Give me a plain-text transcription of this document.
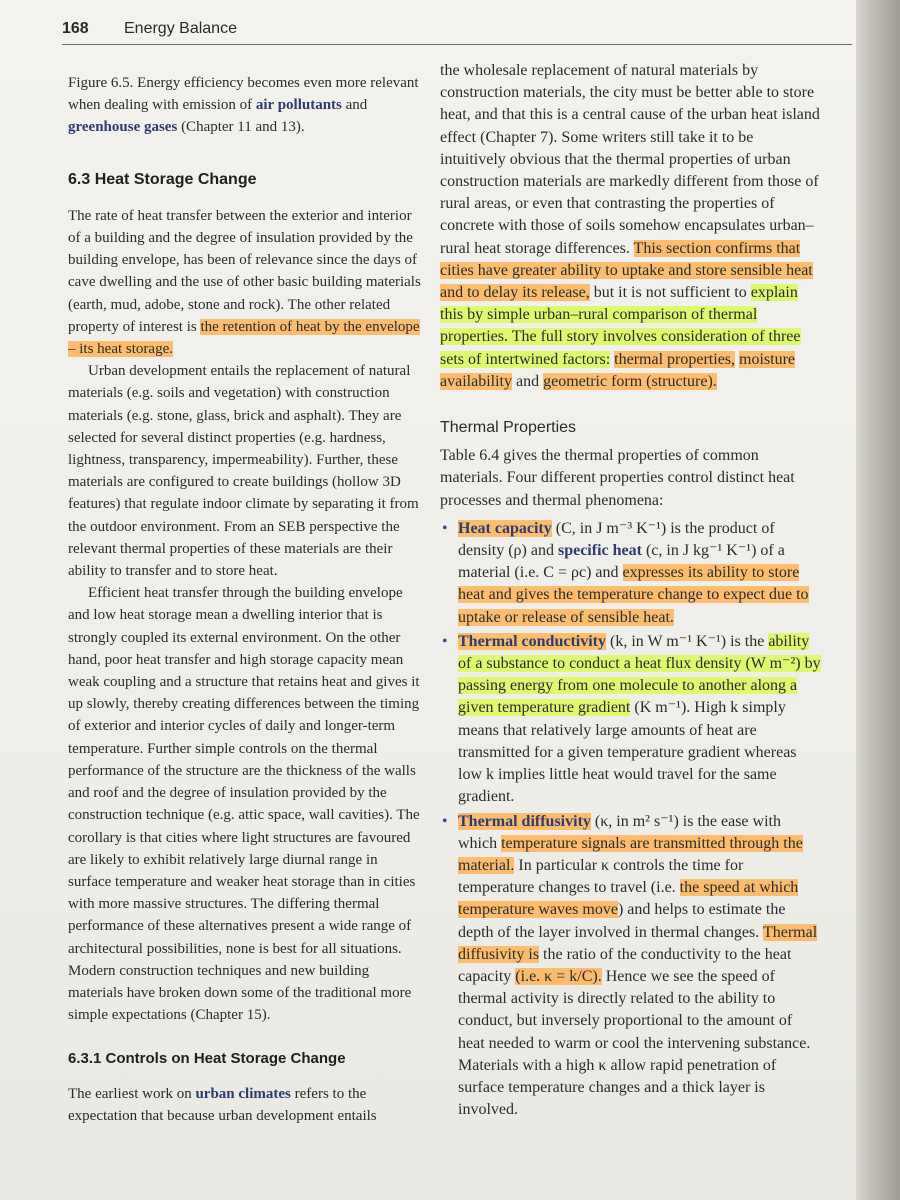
168 Energy Balance

Figure 6.5. Energy efficiency becomes even more relevant when dealing with emission of air pollutants and greenhouse gases (Chapter 11 and 13).

6.3 Heat Storage Change

The rate of heat transfer between the exterior and interior of a building and the degree of insulation provided by the building envelope, has been of relevance since the days of cave dwelling and the use of other basic building materials (earth, mud, adobe, stone and rock). The other related property of interest is the retention of heat by the envelope – its heat storage.

Urban development entails the replacement of natural materials (e.g. soils and vegetation) with construction materials (e.g. stone, glass, brick and asphalt). They are selected for several distinct properties (e.g. hardness, lightness, transparency, impermeability). Further, these materials are configured to create buildings (hollow 3D features) that regulate indoor climate by separating it from the outdoor environment. From an SEB perspective the relevant thermal properties of these materials are their ability to transfer and to store heat.

Efficient heat transfer through the building envelope and low heat storage mean a dwelling interior that is strongly coupled its external environment. On the other hand, poor heat transfer and high storage capacity mean weak coupling and a structure that retains heat and gives it up slowly, thereby creating differences between the timing of exterior and interior cycles of daily and longer-term temperature. Further simple controls on the thermal performance of the structure are the thickness of the walls and roof and the degree of insulation provided by the construction technique (e.g. attic space, wall cavities). The corollary is that cities where light structures are favoured are likely to exhibit relatively large diurnal range in surface temperature and weaker heat storage than in cities with more massive structures. The differing thermal performance of these alternatives present a wide range of architectural possibilities, none is best for all situations. Modern construction techniques and new building materials have broken down some of the traditional more simple expectations (Chapter 15).

6.3.1 Controls on Heat Storage Change

The earliest work on urban climates refers to the expectation that because urban development entails

the wholesale replacement of natural materials by construction materials, the city must be better able to store heat, and that this is a central cause of the urban heat island effect (Chapter 7). Some writers still take it to be intuitively obvious that the thermal properties of urban construction materials are markedly different from those of rural areas, or even that contrasting the properties of concrete with those of soils somehow encapsulates urban–rural heat storage differences. This section confirms that cities have greater ability to uptake and store sensible heat and to delay its release, but it is not sufficient to explain this by simple urban–rural comparison of thermal properties. The full story involves consideration of three sets of intertwined factors: thermal properties, moisture availability and geometric form (structure).

Thermal Properties

Table 6.4 gives the thermal properties of common materials. Four different properties control distinct heat processes and thermal phenomena:

• Heat capacity (C, in J m⁻³ K⁻¹) is the product of density (ρ) and specific heat (c, in J kg⁻¹ K⁻¹) of a material (i.e. C = ρc) and expresses its ability to store heat and gives the temperature change to expect due to uptake or release of sensible heat.
• Thermal conductivity (k, in W m⁻¹ K⁻¹) is the ability of a substance to conduct a heat flux density (W m⁻²) by passing energy from one molecule to another along a given temperature gradient (K m⁻¹). High k simply means that relatively large amounts of heat are transmitted for a given temperature gradient whereas low k implies little heat would travel for the same gradient.
• Thermal diffusivity (κ, in m² s⁻¹) is the ease with which temperature signals are transmitted through the material. In particular κ controls the time for temperature changes to travel (i.e. the speed at which temperature waves move) and helps to estimate the depth of the layer involved in thermal changes. Thermal diffusivity is the ratio of the conductivity to the heat capacity (i.e. κ = k/C). Hence we see the speed of thermal activity is directly related to the ability to conduct, but inversely proportional to the amount of heat needed to warm or cool the intervening substance. Materials with a high κ allow rapid penetration of surface temperature changes and a thick layer is involved.
